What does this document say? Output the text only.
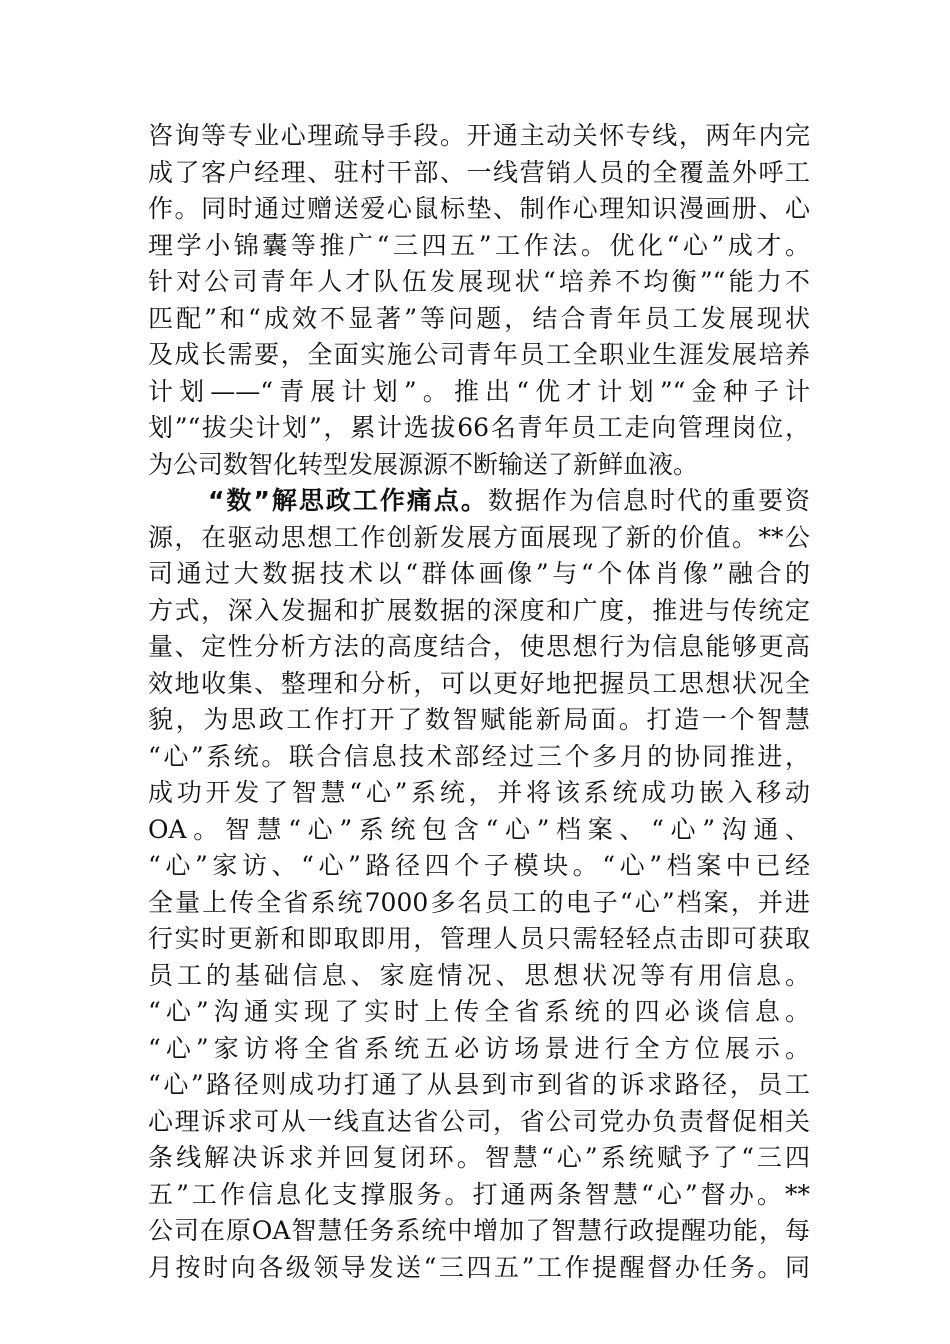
咨询等专业心理疏导手段。开通主动关怀专线，两年内完
成了客户经理、驻村干部、一线营销人员的全覆盖外呼工
作。同时通过赠送爱心鼠标垫、制作心理知识漫画册、心
理学小锦囊等推广“三四五”工作法。优化“心”成才。
针对公司青年人才队伍发展现状“培养不均衡”“能力不
匹配”和“成效不显著”等问题，结合青年员工发展现状
及成长需要，全面实施公司青年员工全职业生涯发展培养
计划——“青展计划”。推出“优才计划”“金种子计
划”“拔尖计划”，累计选拔66名青年员工走向管理岗位，
为公司数智化转型发展源源不断输送了新鲜血液。
“数”解思政工作痛点。数据作为信息时代的重要资
源，在驱动思想工作创新发展方面展现了新的价值。**公
司通过大数据技术以“群体画像”与“个体肖像”融合的
方式，深入发掘和扩展数据的深度和广度，推进与传统定
量、定性分析方法的高度结合，使思想行为信息能够更高
效地收集、整理和分析，可以更好地把握员工思想状况全
貌，为思政工作打开了数智赋能新局面。打造一个智慧
“心”系统。联合信息技术部经过三个多月的协同推进，
成功开发了智慧“心”系统，并将该系统成功嵌入移动
OA。智慧“心”系统包含“心”档案、“心”沟通、
“心”家访、“心”路径四个子模块。“心”档案中已经
全量上传全省系统7000多名员工的电子“心”档案，并进
行实时更新和即取即用，管理人员只需轻轻点击即可获取
员工的基础信息、家庭情况、思想状况等有用信息。
“心”沟通实现了实时上传全省系统的四必谈信息。
“心”家访将全省系统五必访场景进行全方位展示。
“心”路径则成功打通了从县到市到省的诉求路径，员工
心理诉求可从一线直达省公司，省公司党办负责督促相关
条线解决诉求并回复闭环。智慧“心”系统赋予了“三四
五”工作信息化支撑服务。打通两条智慧“心”督办。**
公司在原OA智慧任务系统中增加了智慧行政提醒功能，每
月按时向各级领导发送“三四五”工作提醒督办任务。同
